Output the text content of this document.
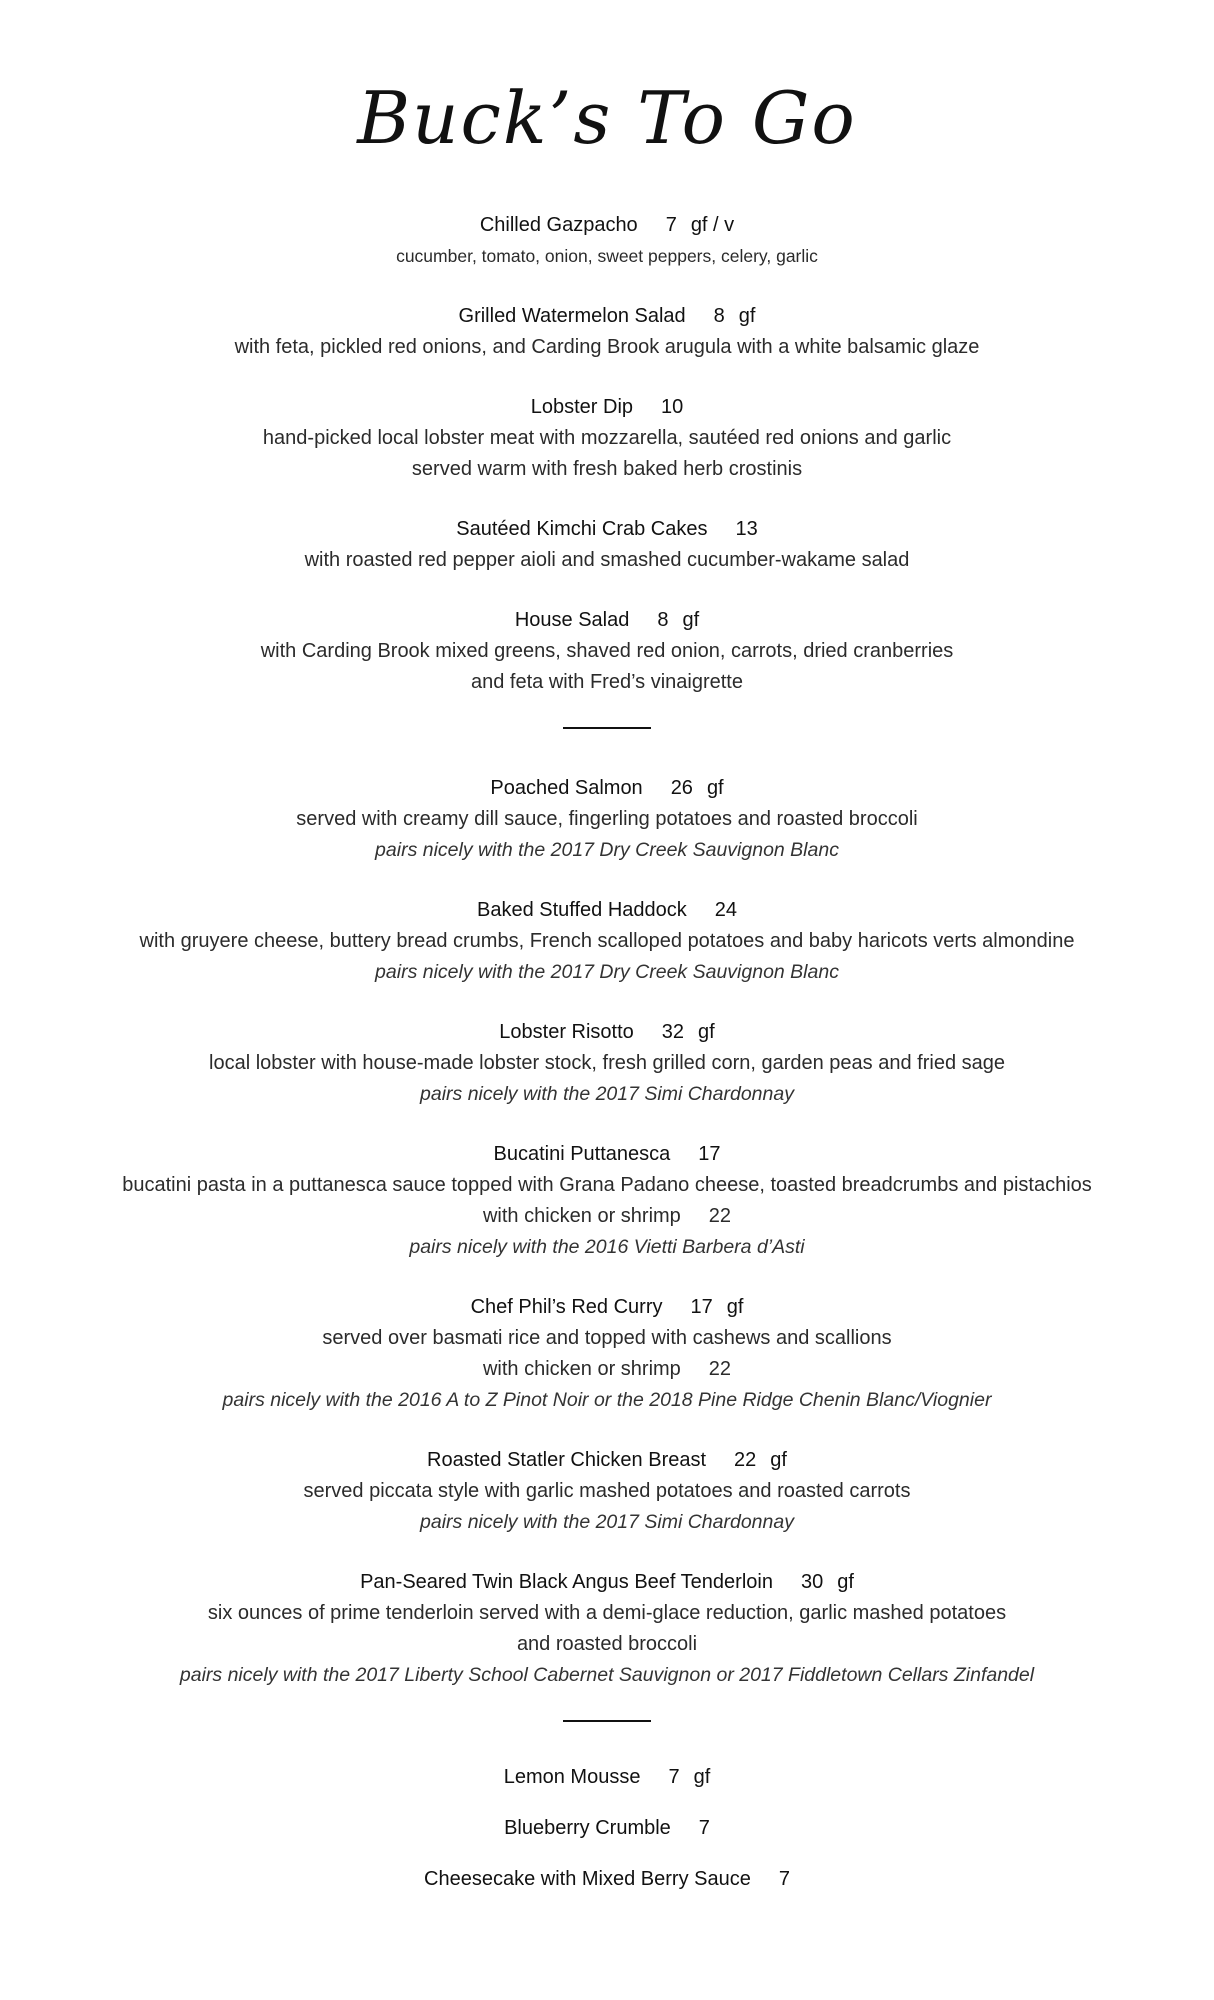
Buck’s To Go
Chilled Gazpacho 7 gf / v
cucumber, tomato, onion, sweet peppers, celery, garlic
Grilled Watermelon Salad 8 gf
with feta, pickled red onions, and Carding Brook arugula with a white balsamic glaze
Lobster Dip 10
hand-picked local lobster meat with mozzarella, sautéed red onions and garlic
served warm with fresh baked herb crostinis
Sautéed Kimchi Crab Cakes 13
with roasted red pepper aioli and smashed cucumber-wakame salad
House Salad 8 gf
with Carding Brook mixed greens, shaved red onion, carrots, dried cranberries
and feta with Fred’s vinaigrette
Poached Salmon 26 gf
served with creamy dill sauce, fingerling potatoes and roasted broccoli
pairs nicely with the 2017 Dry Creek Sauvignon Blanc
Baked Stuffed Haddock 24
with gruyere cheese, buttery bread crumbs, French scalloped potatoes and baby haricots verts almondine
pairs nicely with the 2017 Dry Creek Sauvignon Blanc
Lobster Risotto 32 gf
local lobster with house-made lobster stock, fresh grilled corn, garden peas and fried sage
pairs nicely with the 2017 Simi Chardonnay
Bucatini Puttanesca 17
bucatini pasta in a puttanesca sauce topped with Grana Padano cheese, toasted breadcrumbs and pistachios
with chicken or shrimp 22
pairs nicely with the 2016 Vietti Barbera d’Asti
Chef Phil’s Red Curry 17 gf
served over basmati rice and topped with cashews and scallions
with chicken or shrimp 22
pairs nicely with the 2016 A to Z Pinot Noir or the 2018 Pine Ridge Chenin Blanc/Viognier
Roasted Statler Chicken Breast 22 gf
served piccata style with garlic mashed potatoes and roasted carrots
pairs nicely with the 2017 Simi Chardonnay
Pan-Seared Twin Black Angus Beef Tenderloin 30 gf
six ounces of prime tenderloin served with a demi-glace reduction, garlic mashed potatoes
and roasted broccoli
pairs nicely with the 2017 Liberty School Cabernet Sauvignon or 2017 Fiddletown Cellars Zinfandel
Lemon Mousse 7 gf
Blueberry Crumble 7
Cheesecake with Mixed Berry Sauce 7
